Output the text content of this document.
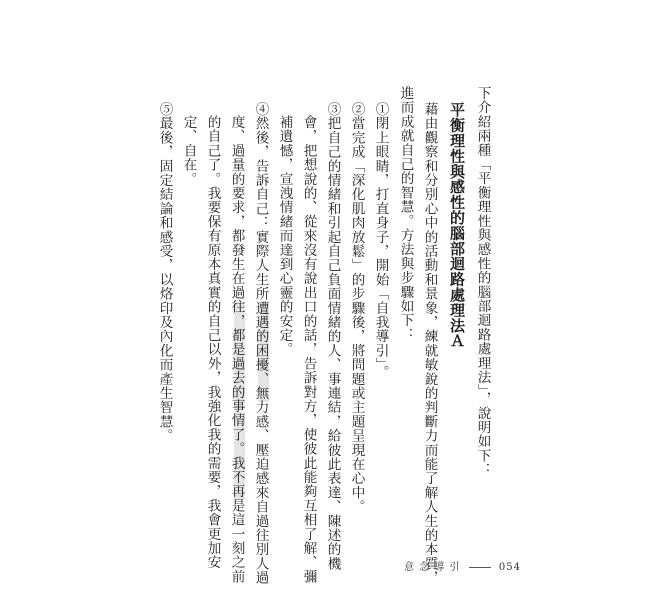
下介紹兩種「平衡理性與感性的腦部迴路處理法」，說明如下：
平衡理性與感性的腦部迴路處理法Ａ
藉由觀察和分別心中的活動和景象，練就敏銳的判斷力而能了解人生的本質，
進而成就自己的智慧。方法與步驟如下：
①閉上眼睛，打直身子，開始「自我導引」。
②當完成「深化肌肉放鬆」的步驟後，將問題或主題呈現在心中。
③把自己的情緒和引起自己負面情緒的人、事連結，給彼此表達、陳述的機
會，把想說的、從來沒有說出口的話，告訴對方，使彼此能夠互相了解、彌
補遺憾，宣洩情緒而達到心靈的安定。
④然後，告訴自己：實際人生所遭遇的困擾、無力感、壓迫感來自過往別人過
度、過量的要求，都發生在過往，都是過去的事情了。我不再是這一刻之前
的自己了。我要保有原本真實的自己以外，我強化我的需要，我會更加安
定、自在。
⑤最後，固定結論和感受，以烙印及內化而產生智慧。
意 念 導 引	054
